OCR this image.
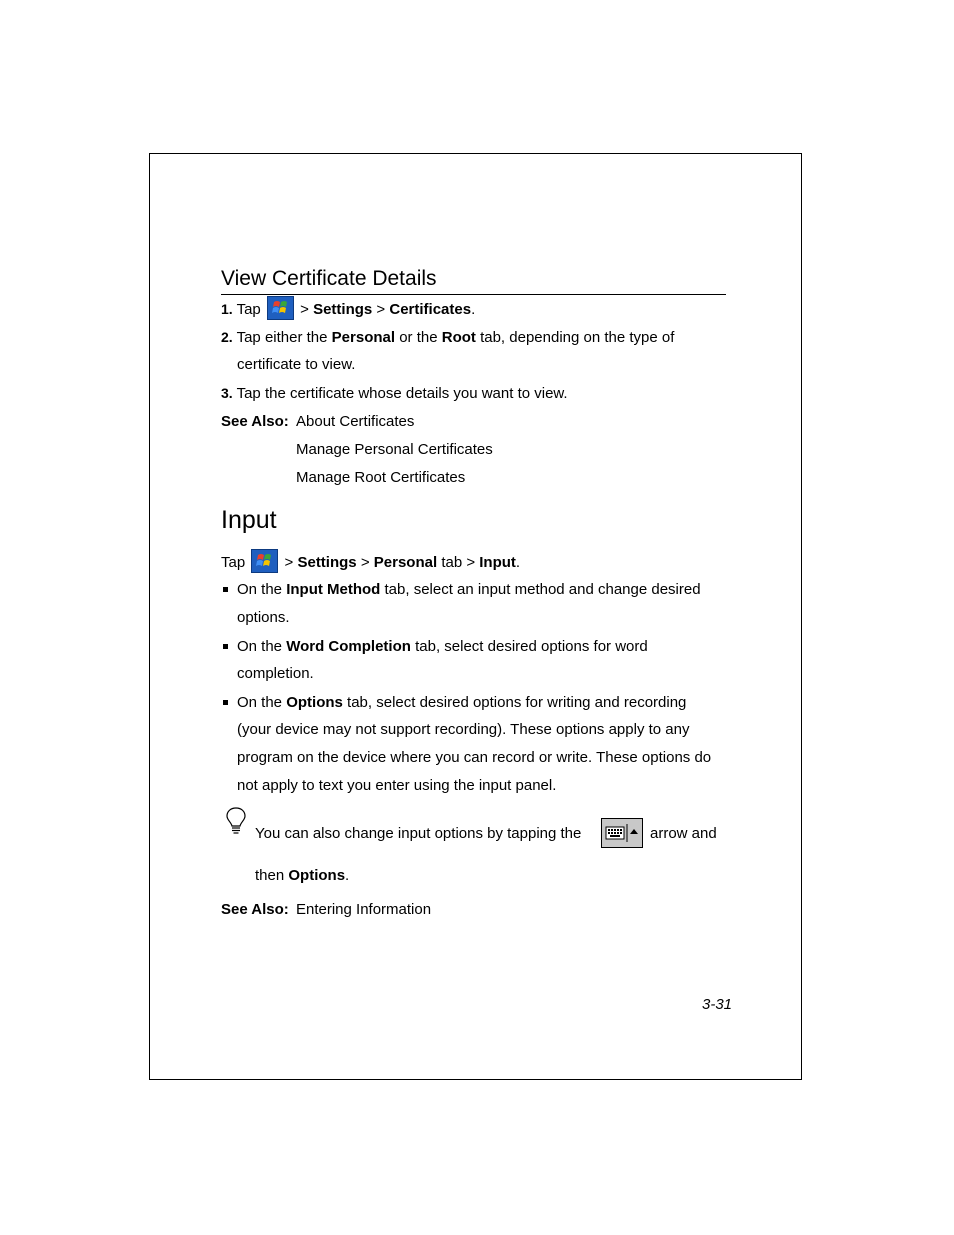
View Certificate Details
1. Tap	> Settings > Certificates.
2. Tap either the Personal or the Root tab, depending on the type of
certificate to view.
3. Tap the certificate whose details you want to view.
See Also: About Certificates
Manage Personal Certificates
Manage Root Certificates
Input
Tap	> Settings > Personal tab > Input.
On the Input Method tab, select an input method and change desired
options.
On the Word Completion tab, select desired options for word
completion.
On the Options tab, select desired options for writing and recording
(your device may not support recording). These options apply to any
program on the device where you can record or write. These options do
not apply to text you enter using the input panel.
You can also change input options by tapping the	arrow and
then Options.
See Also: Entering Information
3-31
